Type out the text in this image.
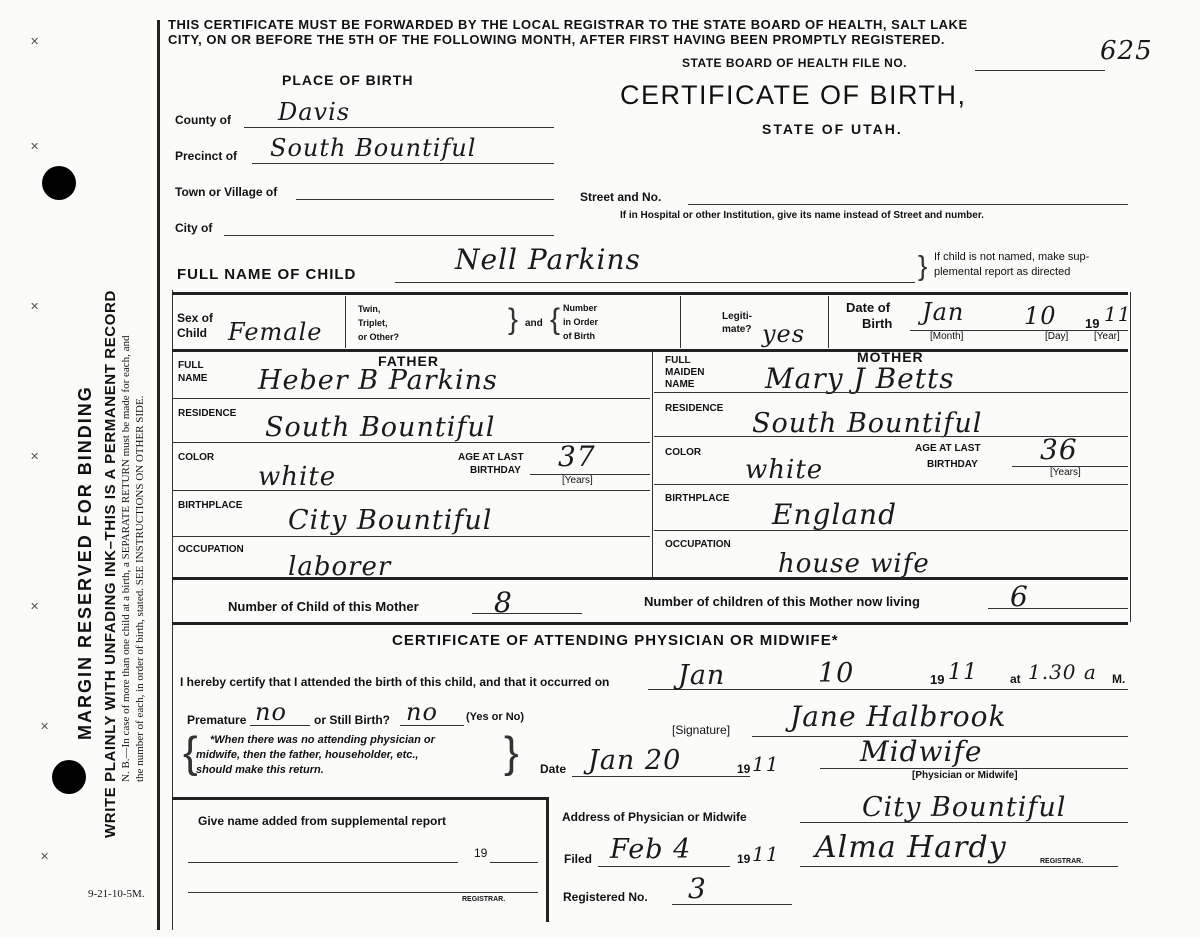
✕
✕
✕
✕
✕
✕
✕
MARGIN RESERVED FOR BINDING WRITE PLAINLY WITH UNFADING INK–THIS IS A PERMANENT RECORD N. B.—In case of more than one child at a birth, a SEPARATE RETURN must be made for each, and the number of each, in order of birth, stated. SEE INSTRUCTIONS ON OTHER SIDE.
9-21-10-5M.
THIS CERTIFICATE MUST BE FORWARDED BY THE LOCAL REGISTRAR TO THE STATE BOARD OF HEALTH, SALT LAKE
CITY, ON OR BEFORE THE 5TH OF THE FOLLOWING MONTH, AFTER FIRST HAVING BEEN PROMPTLY REGISTERED.
STATE BOARD OF HEALTH FILE NO.	625
CERTIFICATE OF BIRTH,
STATE OF UTAH.
PLACE OF BIRTH
County of Davis
Precinct of South Bountiful
Town or Village of
City of
Street and No.
If in Hospital or other Institution, give its name instead of Street and number.
FULL NAME OF CHILD	Nell Parkins	} If child is not named, make sup-
plemental report as directed
Sex of
Child Female
Twin,
Triplet,
or Other?
} and { Number
in Order
of Birth
Legiti-
mate? yes
Date of
Birth Jan 10 19 11
[Month]	[Day]	[Year]
FATHER
FULL
NAME Heber B Parkins
RESIDENCE South Bountiful
COLOR
white
AGE AT LAST
BIRTHDAY 37
[Years]
BIRTHPLACE City Bountiful
OCCUPATION
laborer
MOTHER
FULL
MAIDEN
NAME	Mary J Betts
RESIDENCE South Bountiful
COLOR
white
AGE AT LAST
BIRTHDAY 36
[Years]
BIRTHPLACE England
OCCUPATION
house wife
Number of Child of this Mother	8	Number of children of this Mother now living	6
CERTIFICATE OF ATTENDING PHYSICIAN OR MIDWIFE*
I hereby certify that I attended the birth of this child, and that it occurred on	Jan	10	19 11	at 1.30 a M.
Premature no or Still Birth? no	(Yes or No)
{ *When there was no attending physician or
midwife, then the father, householder, etc.,
should make this return.	}	[Signature] Jane Halbrook
Date Jan 20	19 11	Midwife
[Physician or Midwife]
Give name added from supplemental report
19
REGISTRAR.
Address of Physician or Midwife	City Bountiful
Filed Feb 4	19 11 Alma Hardy	REGISTRAR.
Registered No. 3
